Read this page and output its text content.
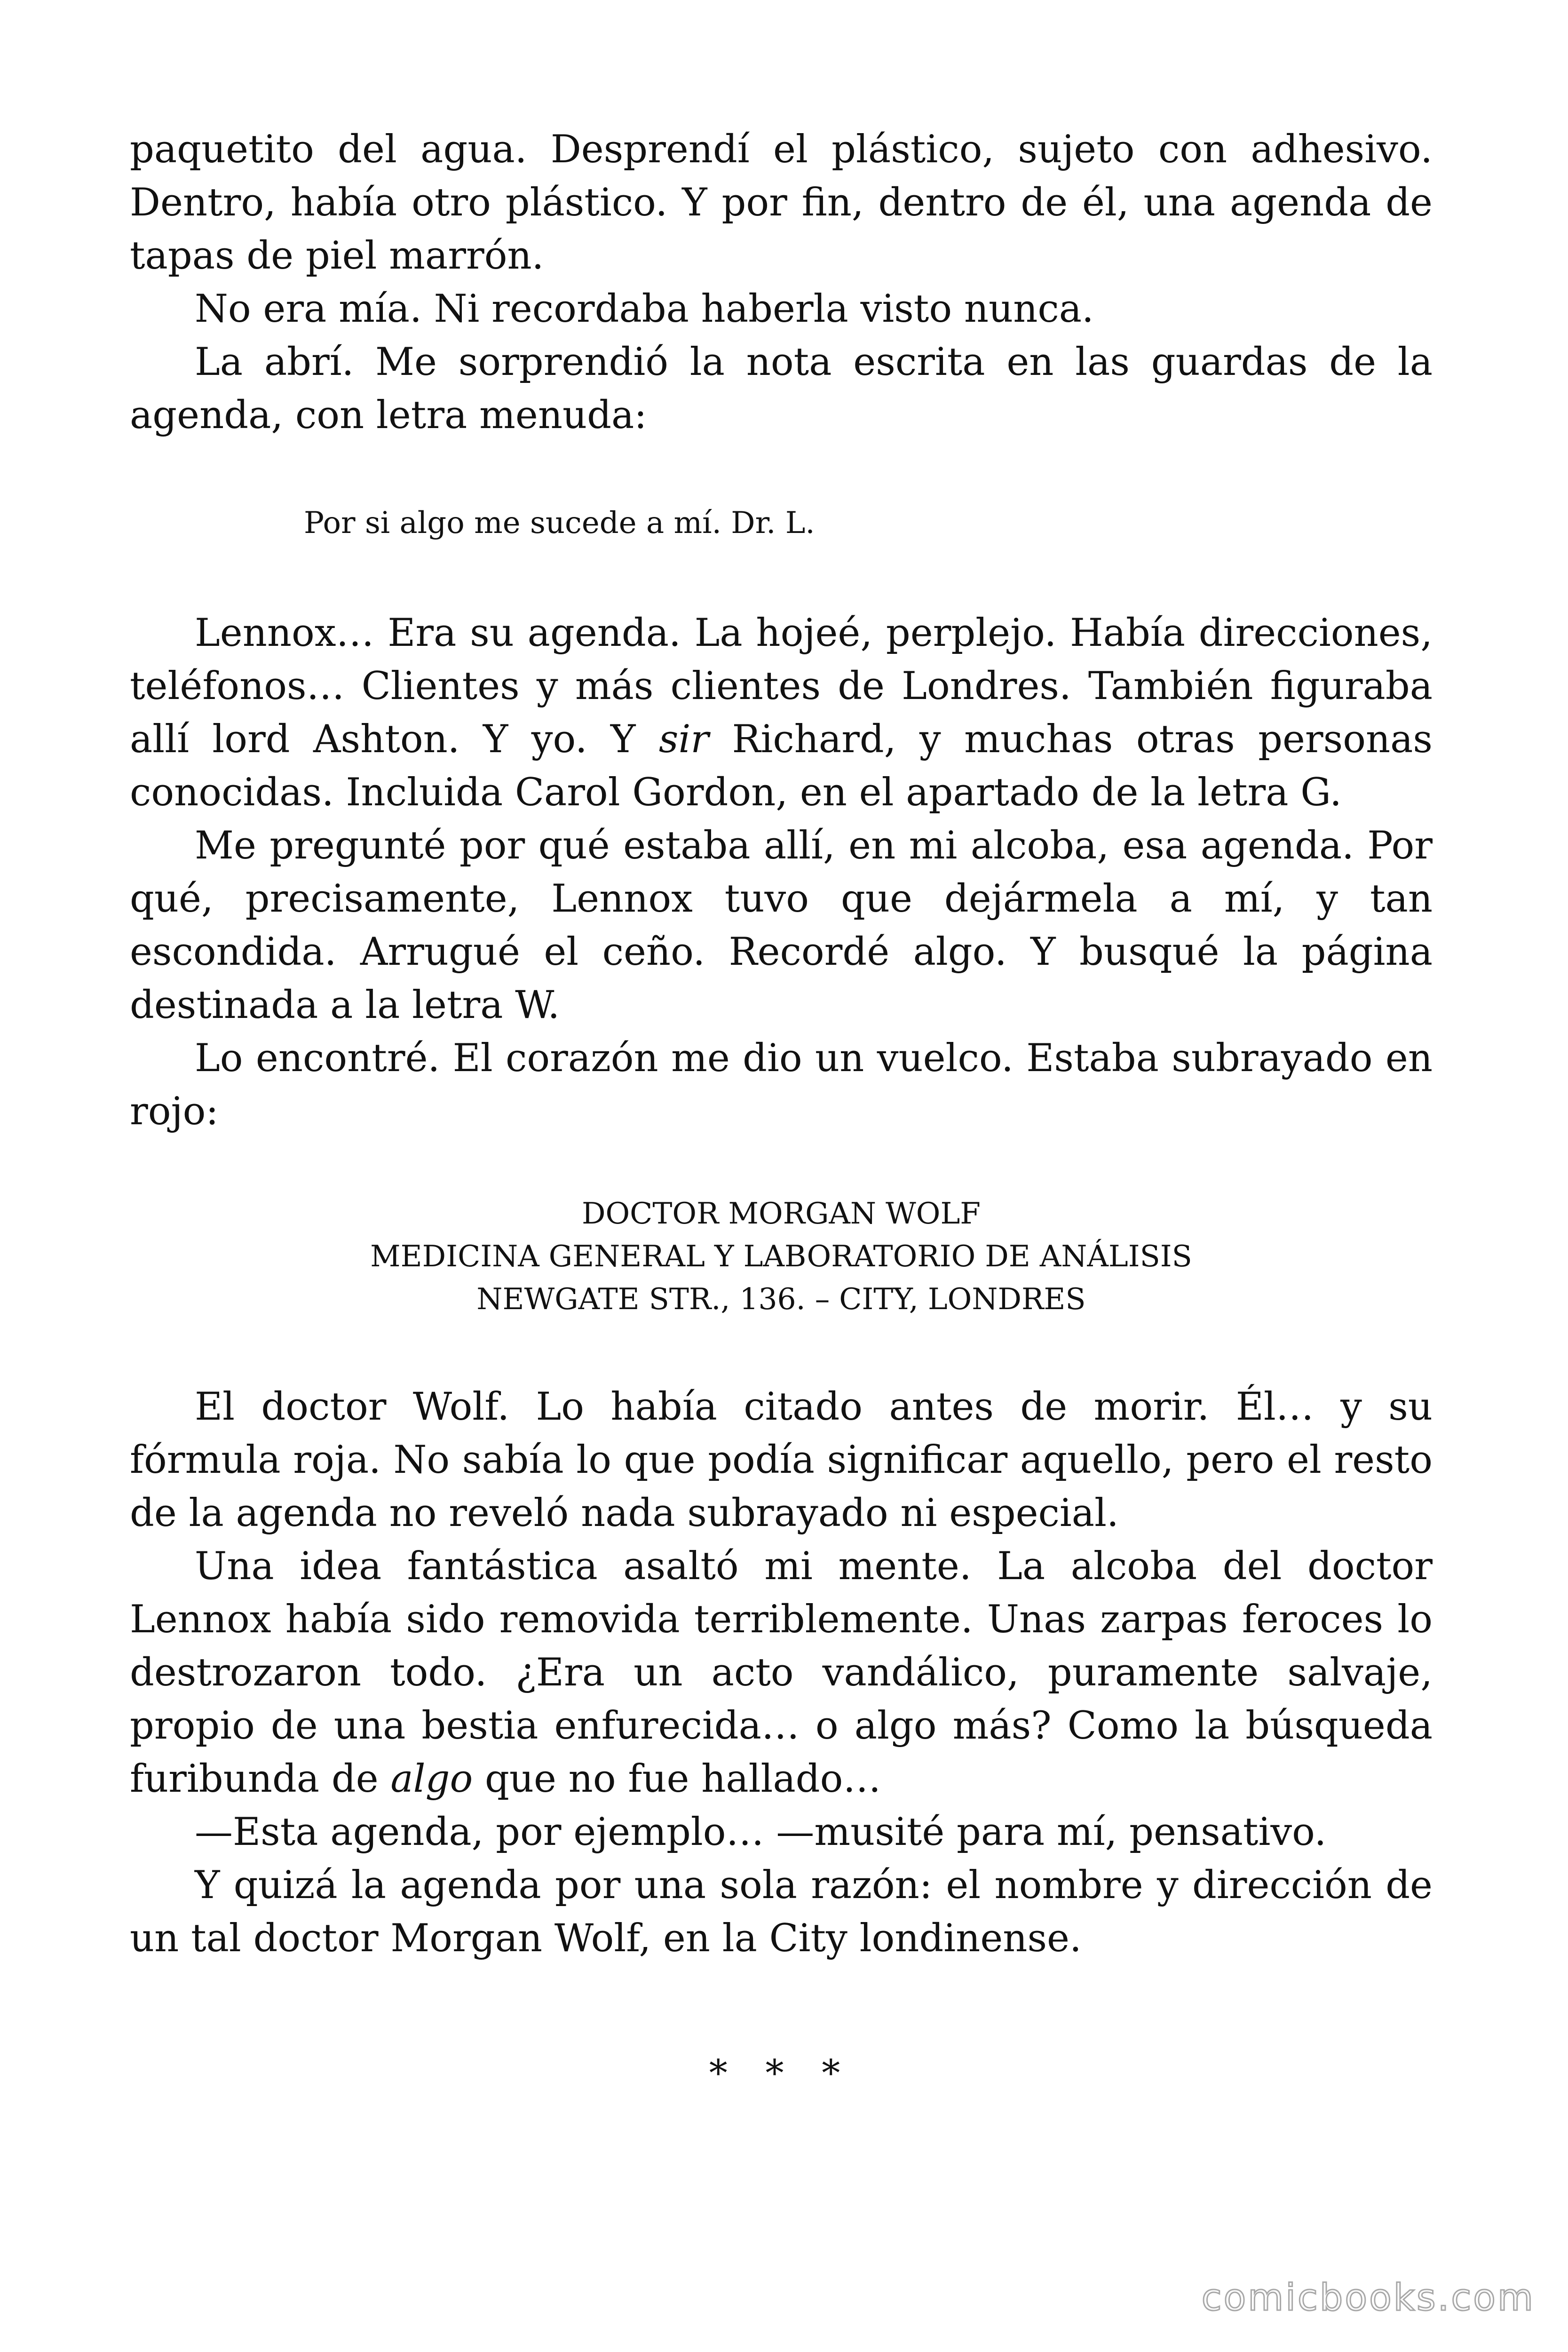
paquetito del agua. Desprendí el plástico, sujeto con adhesivo. Dentro, había otro plástico. Y por fin, dentro de él, una agenda de tapas de piel marrón.

No era mía. Ni recordaba haberla visto nunca.

La abrí. Me sorprendió la nota escrita en las guardas de la agenda, con letra menuda:

Por si algo me sucede a mí. Dr. L.

Lennox… Era su agenda. La hojeé, perplejo. Había direcciones, teléfonos… Clientes y más clientes de Londres. También figuraba allí lord Ashton. Y yo. Y sir Richard, y muchas otras personas conocidas. Incluida Carol Gordon, en el apartado de la letra G.

Me pregunté por qué estaba allí, en mi alcoba, esa agenda. Por qué, precisamente, Lennox tuvo que dejármela a mí, y tan escondida. Arrugué el ceño. Recordé algo. Y busqué la página destinada a la letra W.

Lo encontré. El corazón me dio un vuelco. Estaba subrayado en rojo:

DOCTOR MORGAN WOLF
MEDICINA GENERAL Y LABORATORIO DE ANÁLISIS
NEWGATE STR., 136. – CITY, LONDRES

El doctor Wolf. Lo había citado antes de morir. Él… y su fórmula roja. No sabía lo que podía significar aquello, pero el resto de la agenda no reveló nada subrayado ni especial.

Una idea fantástica asaltó mi mente. La alcoba del doctor Lennox había sido removida terriblemente. Unas zarpas feroces lo destrozaron todo. ¿Era un acto vandálico, puramente salvaje, propio de una bestia enfurecida… o algo más? Como la búsqueda furibunda de algo que no fue hallado…

—Esta agenda, por ejemplo… —musité para mí, pensativo.

Y quizá la agenda por una sola razón: el nombre y dirección de un tal doctor Morgan Wolf, en la City londinense.

* * *

comicbooks.com
